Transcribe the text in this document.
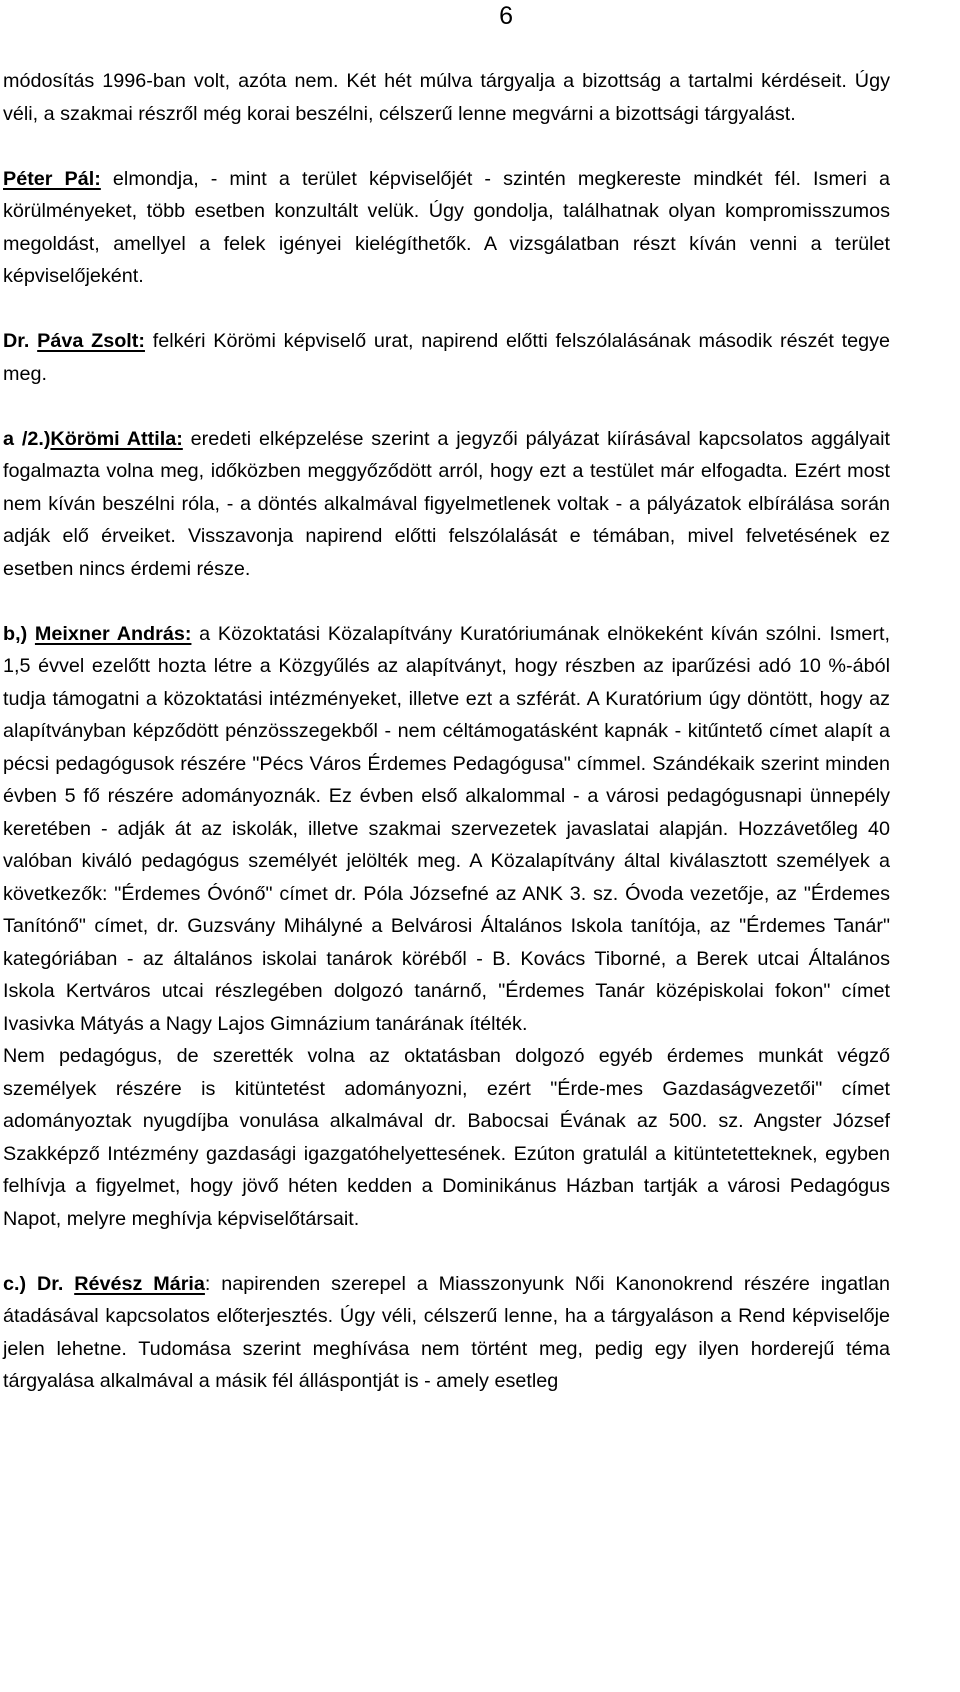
6

módosítás 1996-ban volt, azóta nem. Két hét múlva tárgyalja a bizottság a tartalmi kérdéseit. Úgy véli, a szakmai részről még korai beszélni, célszerű lenne megvárni a bizottsági tárgyalást.

Péter Pál: elmondja, - mint a terület képviselőjét - szintén megkereste mindkét fél. Ismeri a körülményeket, több esetben konzultált velük. Úgy gondolja, találhatnak olyan kompromisszumos megoldást, amellyel a felek igényei kielégíthetők. A vizsgálatban részt kíván venni a terület képviselőjeként.

Dr. Páva Zsolt: felkéri Körömi képviselő urat, napirend előtti felszólalásának második részét tegye meg.

a /2.)Körömi Attila: eredeti elképzelése szerint a jegyzői pályázat kiírásával kapcsolatos aggályait fogalmazta volna meg, időközben meggyőződött arról, hogy ezt a testület már elfogadta. Ezért most nem kíván beszélni róla, - a döntés alkalmával figyelmetlenek voltak - a pályázatok elbírálása során adják elő érveiket. Visszavonja napirend előtti felszólalását e témában, mivel felvetésének ez esetben nincs érdemi része.

b,) Meixner András: a Közoktatási Közalapítvány Kuratóriumának elnökeként kíván szólni. Ismert, 1,5 évvel ezelőtt hozta létre a Közgyűlés az alapítványt, hogy részben az iparűzési adó 10 %-ából tudja támogatni a közoktatási intézményeket, illetve ezt a szférát. A Kuratórium úgy döntött, hogy az alapítványban képződött pénzösszegekből - nem céltámogatásként kapnák - kitűntető címet alapít a pécsi pedagógusok részére "Pécs Város Érdemes Pedagógusa" címmel. Szándékaik szerint minden évben 5 fő részére adományoznák. Ez évben első alkalommal - a városi pedagógusnapi ünnepély keretében - adják át az iskolák, illetve szakmai szervezetek javaslatai alapján. Hozzávetőleg 40 valóban kiváló pedagógus személyét jelölték meg. A Közalapítvány által kiválasztott személyek a következők: "Érdemes Óvónő" címet dr. Póla Józsefné az ANK 3. sz. Óvoda vezetője, az "Érdemes Tanítónő" címet, dr. Guzsvány Mihályné a Belvárosi Általános Iskola tanítója, az "Érdemes Tanár" kategóriában - az általános iskolai tanárok köréből - B. Kovács Tiborné, a Berek utcai Általános Iskola Kertváros utcai részlegében dolgozó tanárnő, "Érdemes Tanár középiskolai fokon" címet Ivasivka Mátyás a Nagy Lajos Gimnázium tanárának ítélték.

Nem pedagógus, de szerették volna az oktatásban dolgozó egyéb érdemes munkát végző személyek részére is kitüntetést adományozni, ezért "Érde-mes Gazdaságvezetői" címet adományoztak nyugdíjba vonulása alkalmával dr. Babocsai Évának az 500. sz. Angster József Szakképző Intézmény gazdasági igazgatóhelyettesének. Ezúton gratulál a kitüntetetteknek, egyben felhívja a figyelmet, hogy jövő héten kedden a Dominikánus Házban tartják a városi Pedagógus Napot, melyre meghívja képviselőtársait.

c.) Dr. Révész Mária: napirenden szerepel a Miasszonyunk Női Kanonokrend részére ingatlan átadásával kapcsolatos előterjesztés. Úgy véli, célszerű lenne, ha a tárgyaláson a Rend képviselője jelen lehetne. Tudomása szerint meghívása nem történt meg, pedig egy ilyen horderejű téma tárgyalása alkalmával a másik fél álláspontját is - amely esetleg
